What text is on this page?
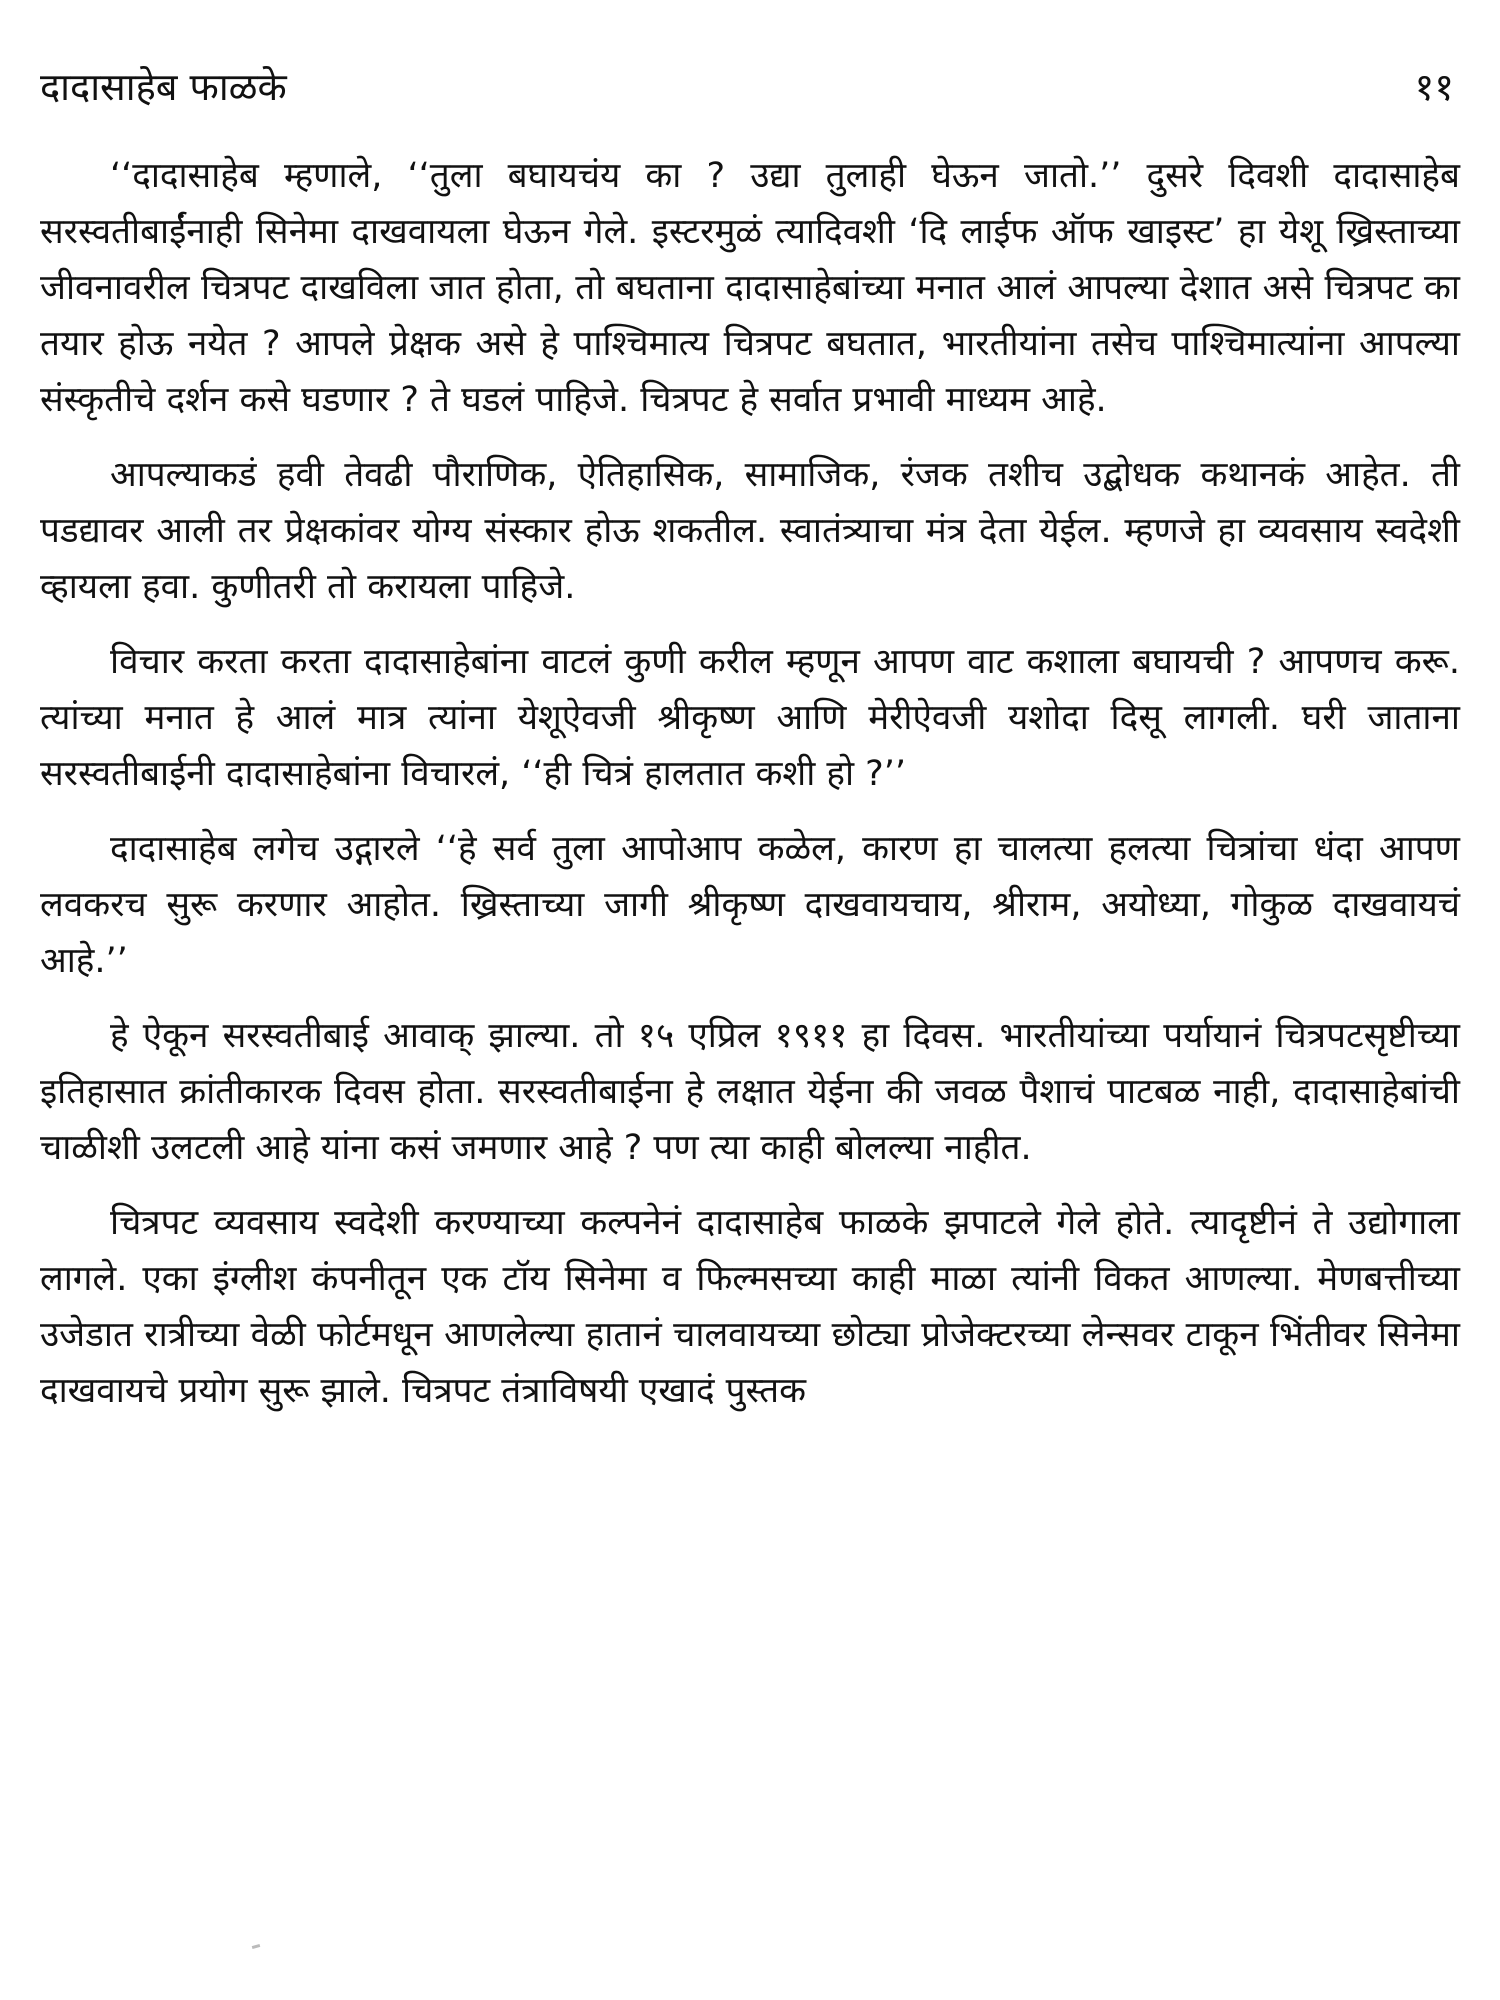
दादासाहेब फाळके	११

‘‘दादासाहेब म्हणाले, ‘‘तुला बघायचंय का ? उद्या तुलाही घेऊन जातो.’’ दुसरे दिवशी दादासाहेब सरस्वतीबाईंनाही सिनेमा दाखवायला घेऊन गेले. इस्टरमुळं त्यादिवशी ‘दि लाईफ ऑफ खाइस्ट’ हा येशू ख्रिस्ताच्या जीवनावरील चित्रपट दाखविला जात होता, तो बघताना दादासाहेबांच्या मनात आलं आपल्या देशात असे चित्रपट का तयार होऊ नयेत ? आपले प्रेक्षक असे हे पाश्चिमात्य चित्रपट बघतात, भारतीयांना तसेच पाश्चिमात्यांना आपल्या संस्कृतीचे दर्शन कसे घडणार ? ते घडलं पाहिजे. चित्रपट हे सर्वात प्रभावी माध्यम आहे.

आपल्याकडं हवी तेवढी पौराणिक, ऐतिहासिक, सामाजिक, रंजक तशीच उद्बोधक कथानकं आहेत. ती पडद्यावर आली तर प्रेक्षकांवर योग्य संस्कार होऊ शकतील. स्वातंत्र्याचा मंत्र देता येईल. म्हणजे हा व्यवसाय स्वदेशी व्हायला हवा. कुणीतरी तो करायला पाहिजे.

विचार करता करता दादासाहेबांना वाटलं कुणी करील म्हणून आपण वाट कशाला बघायची ? आपणच करू. त्यांच्या मनात हे आलं मात्र त्यांना येशूऐवजी श्रीकृष्ण आणि मेरीऐवजी यशोदा दिसू लागली. घरी जाताना सरस्वतीबाईनी दादासाहेबांना विचारलं, ‘‘ही चित्रं हालतात कशी हो ?’’

दादासाहेब लगेच उद्गारले ‘‘हे सर्व तुला आपोआप कळेल, कारण हा चालत्या हलत्या चित्रांचा धंदा आपण लवकरच सुरू करणार आहोत. ख्रिस्ताच्या जागी श्रीकृष्ण दाखवायचाय, श्रीराम, अयोध्या, गोकुळ दाखवायचं आहे.’’

हे ऐकून सरस्वतीबाई आवाक् झाल्या. तो १५ एप्रिल १९११ हा दिवस. भारतीयांच्या पर्यायानं चित्रपटसृष्टीच्या इतिहासात क्रांतीकारक दिवस होता. सरस्वतीबाईना हे लक्षात येईना की जवळ पैशाचं पाटबळ नाही, दादासाहेबांची चाळीशी उलटली आहे यांना कसं जमणार आहे ? पण त्या काही बोलल्या नाहीत.

चित्रपट व्यवसाय स्वदेशी करण्याच्या कल्पनेनं दादासाहेब फाळके झपाटले गेले होते. त्यादृष्टीनं ते उद्योगाला लागले. एका इंग्लीश कंपनीतून एक टॉय सिनेमा व फिल्मसच्या काही माळा त्यांनी विकत आणल्या. मेणबत्तीच्या उजेडात रात्रीच्या वेळी फोर्टमधून आणलेल्या हातानं चालवायच्या छोट्या प्रोजेक्टरच्या लेन्सवर टाकून भिंतीवर सिनेमा दाखवायचे प्रयोग सुरू झाले. चित्रपट तंत्राविषयी एखादं पुस्तक
